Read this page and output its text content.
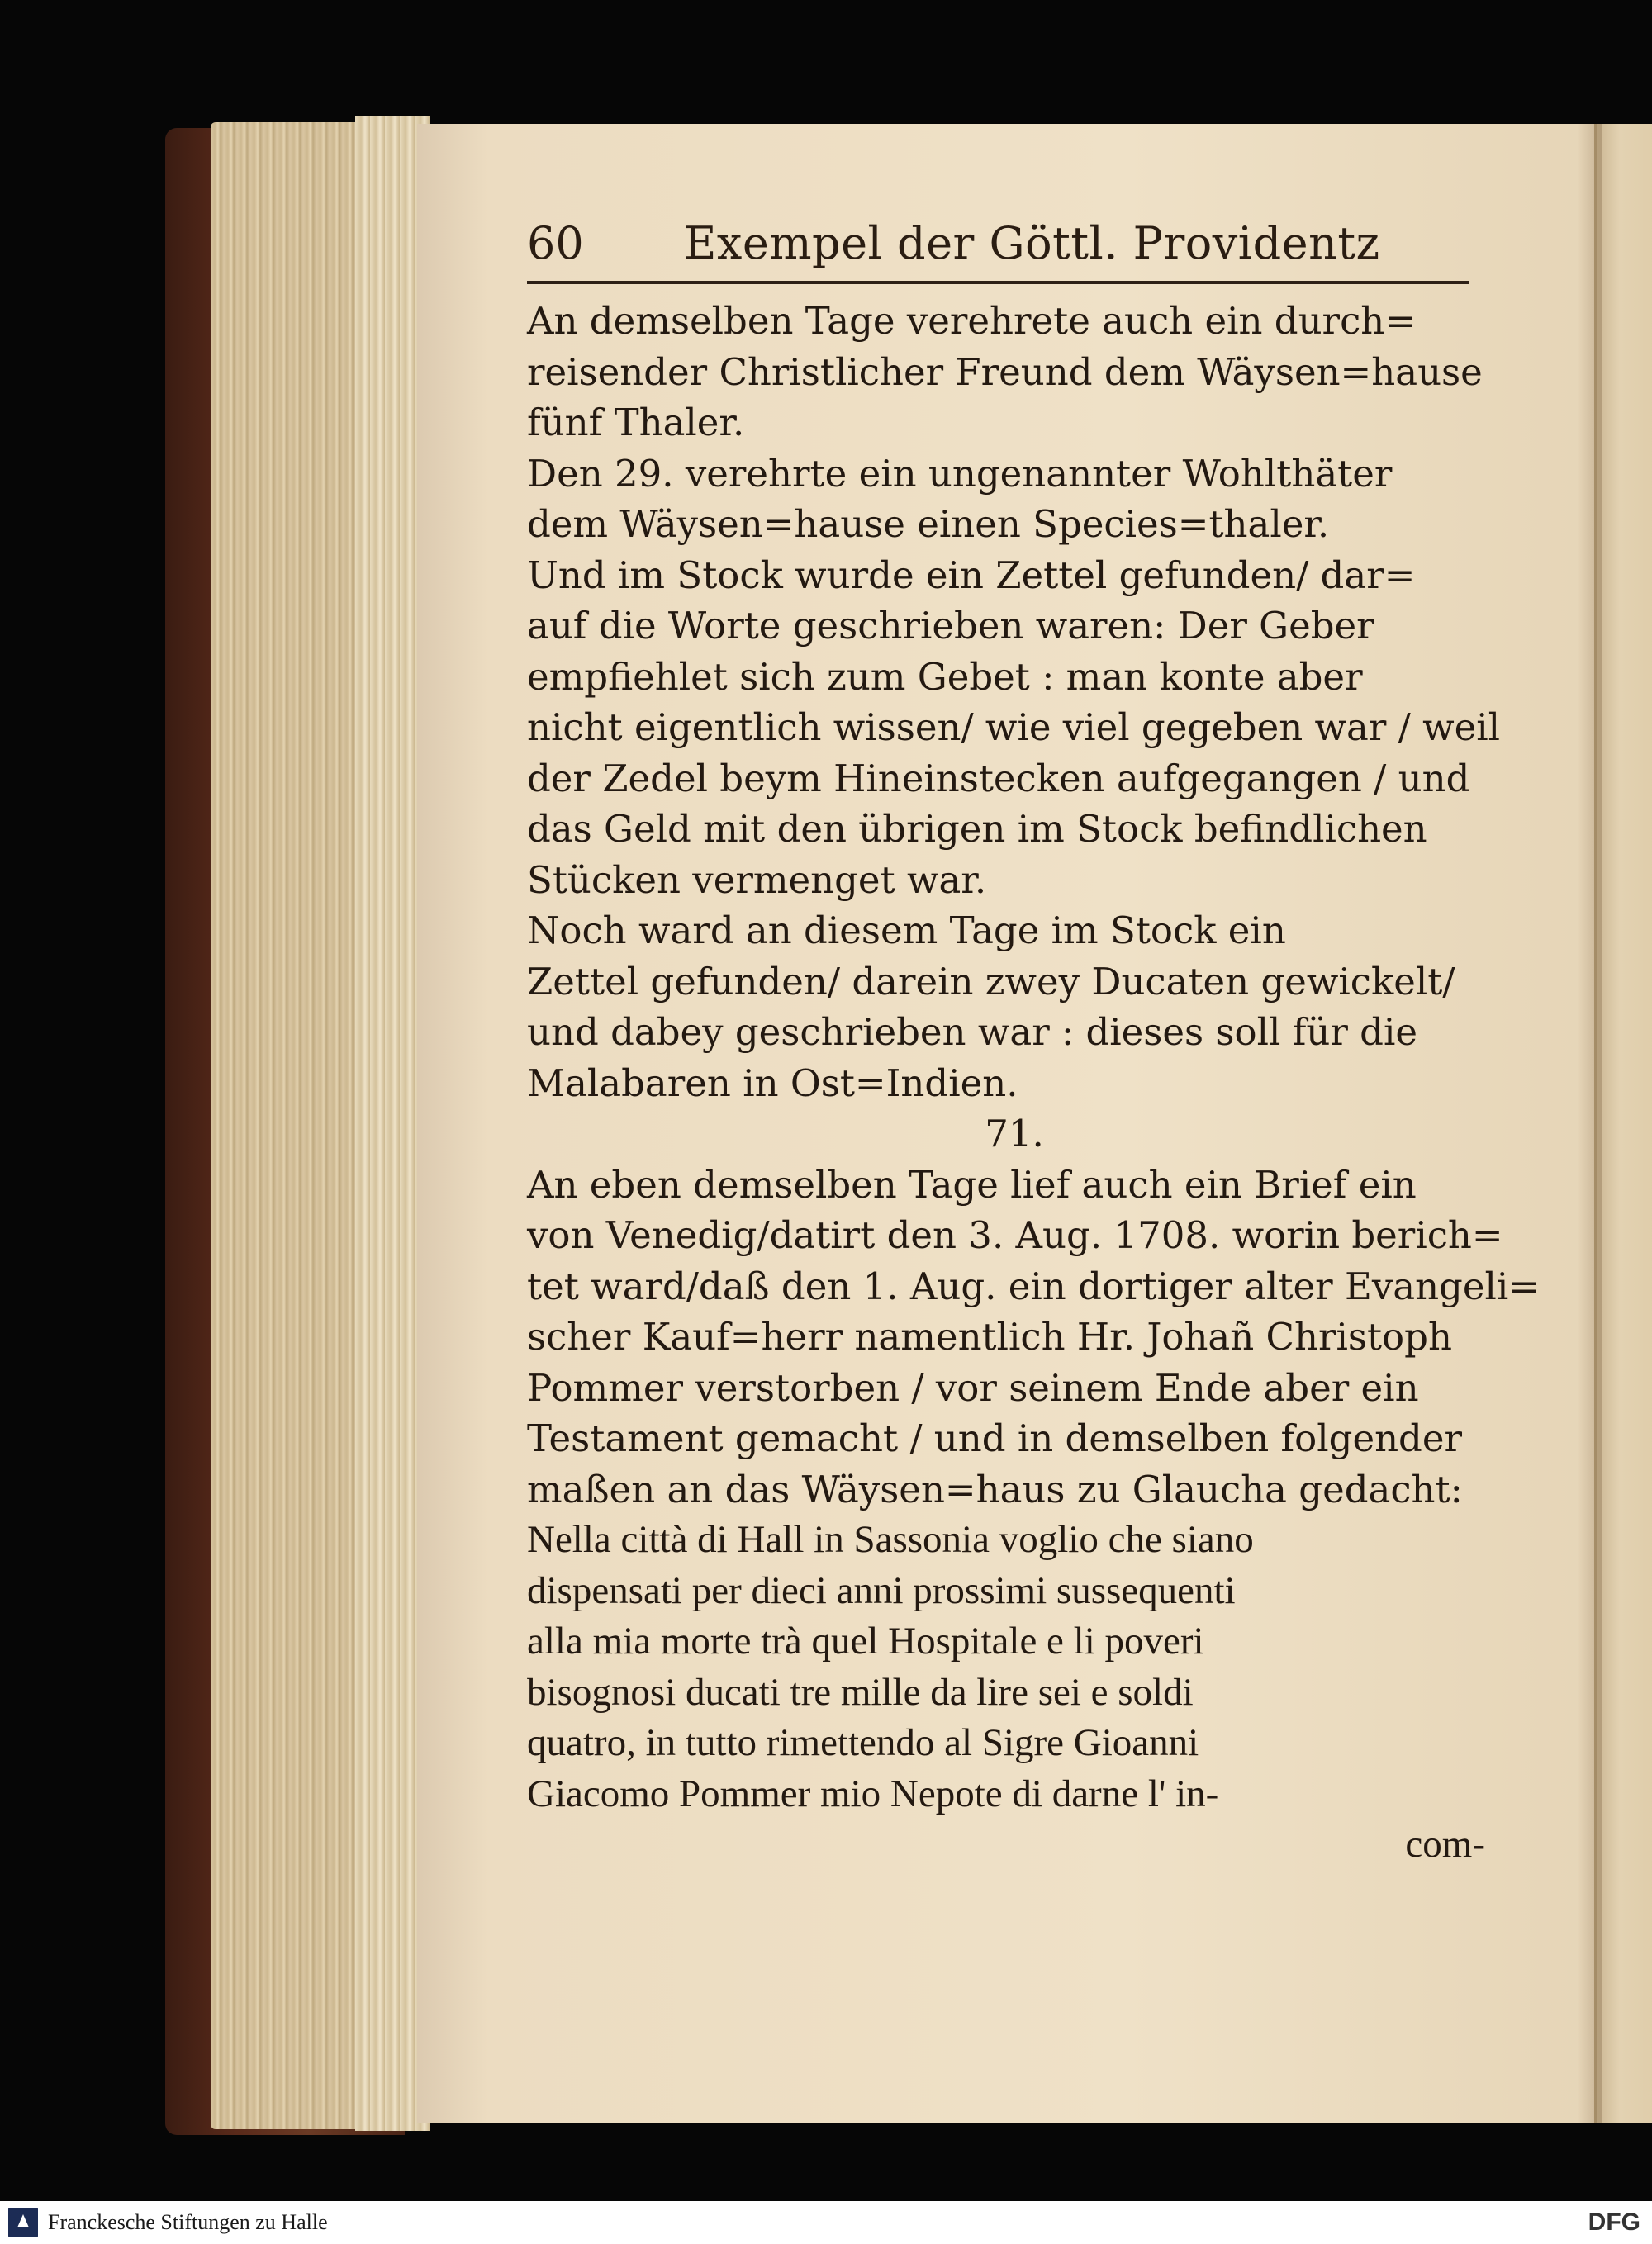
60 Exempel der Göttl. Providentz
An demselben Tage verehrete auch ein durch=
reisender Christlicher Freund dem Wäysen=hause
fünf Thaler.
Den 29. verehrte ein ungenannter Wohlthäter
dem Wäysen=hause einen Species=thaler.
Und im Stock wurde ein Zettel gefunden/ dar=
auf die Worte geschrieben waren: Der Geber
empfiehlet sich zum Gebet : man konte aber
nicht eigentlich wissen/ wie viel gegeben war / weil
der Zedel beym Hineinstecken aufgegangen / und
das Geld mit den übrigen im Stock befindlichen
Stücken vermenget war.
Noch ward an diesem Tage im Stock ein
Zettel gefunden/ darein zwey Ducaten gewickelt/
und dabey geschrieben war : dieses soll für die
Malabaren in Ost=Indien.
71.
An eben demselben Tage lief auch ein Brief ein
von Venedig/datirt den 3. Aug. 1708. worin berich=
tet ward/daß den 1. Aug. ein dortiger alter Evangeli=
scher Kauf=herr namentlich Hr. Johañ Christoph
Pommer verstorben / vor seinem Ende aber ein
Testament gemacht / und in demselben folgender
maßen an das Wäysen=haus zu Glaucha gedacht:
Nella città di Hall in Sassonia voglio che siano
dispensati per dieci anni prossimi sussequenti
alla mia morte trà quel Hospitale e li poveri
bisognosi ducati tre mille da lire sei e soldi
quatro, in tutto rimettendo al Sigre Gioanni
Giacomo Pommer mio Nepote di darne l' in-
com-
Franckesche Stiftungen zu Halle	DFG
